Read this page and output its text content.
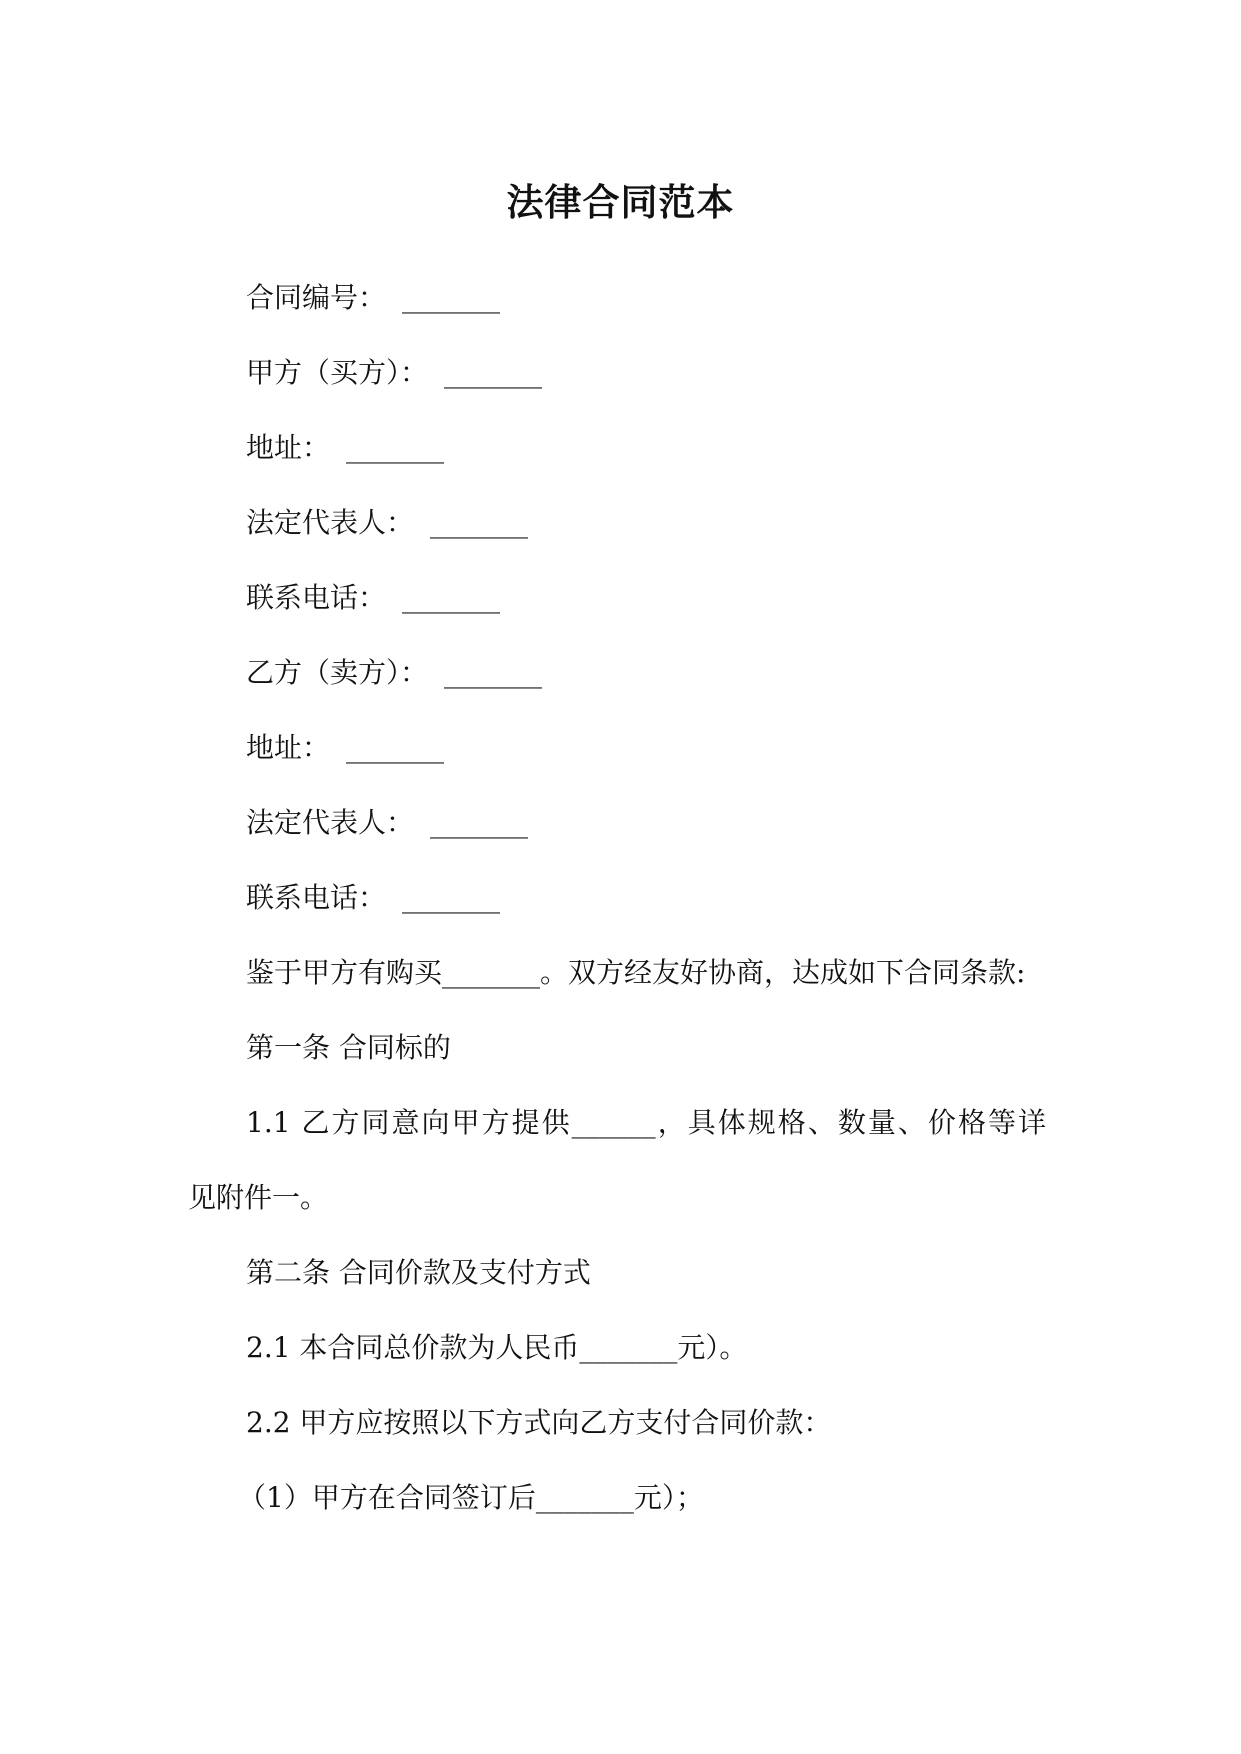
法律合同范本
合同编号： _______
甲方（买方）： _______
地址： _______
法定代表人： _______
联系电话： _______
乙方（卖方）： _______
地址： _______
法定代表人： _______
联系电话： _______
鉴于甲方有购买_______。双方经友好协商，达成如下合同条款:
第一条 合同标的
1.1 乙方同意向甲方提供______，具体规格、数量、价格等详
见附件一。
第二条 合同价款及支付方式
2.1 本合同总价款为人民币_______元）。
2.2 甲方应按照以下方式向乙方支付合同价款：
（1）甲方在合同签订后_______元）；
